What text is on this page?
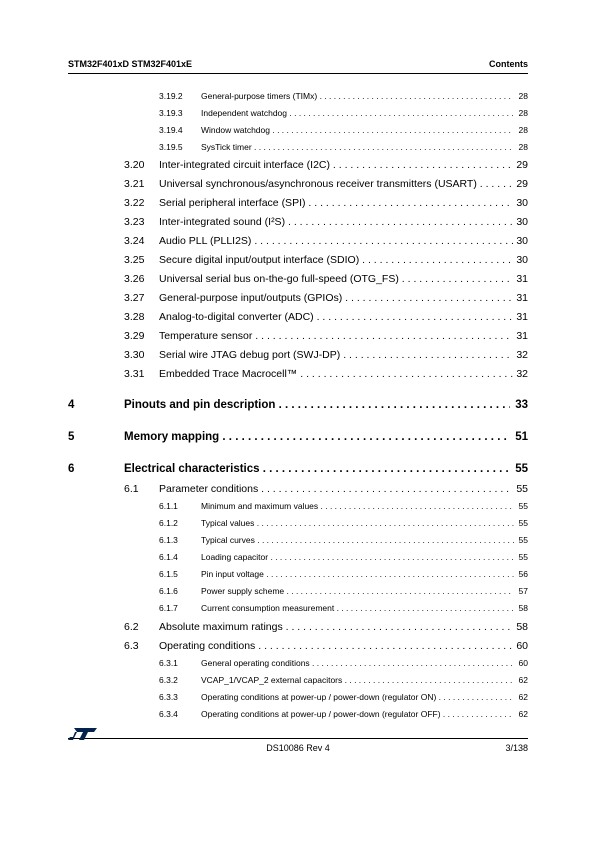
STM32F401xD STM32F401xE	Contents
3.19.2 General-purpose timers (TIMx) . . .	28
3.19.3 Independent watchdog . . .	28
3.19.4 Window watchdog . . .	28
3.19.5 SysTick timer . . .	28
3.20 Inter-integrated circuit interface (I2C) . . .	29
3.21 Universal synchronous/asynchronous receiver transmitters (USART) . . .	29
3.22 Serial peripheral interface (SPI) . . .	30
3.23 Inter-integrated sound (I²S) . . .	30
3.24 Audio PLL (PLLI2S) . . .	30
3.25 Secure digital input/output interface (SDIO) . . .	30
3.26 Universal serial bus on-the-go full-speed (OTG_FS) . . .	31
3.27 General-purpose input/outputs (GPIOs) . . .	31
3.28 Analog-to-digital converter (ADC) . . .	31
3.29 Temperature sensor . . .	31
3.30 Serial wire JTAG debug port (SWJ-DP) . . .	32
3.31 Embedded Trace Macrocell™ . . .	32
4	Pinouts and pin description . . .	33
5	Memory mapping . . .	51
6	Electrical characteristics . . .	55
6.1 Parameter conditions . . .	55
6.1.1	Minimum and maximum values . . .	55
6.1.2	Typical values . . .	55
6.1.3	Typical curves . . .	55
6.1.4	Loading capacitor . . .	55
6.1.5	Pin input voltage . . .	56
6.1.6	Power supply scheme . . .	57
6.1.7	Current consumption measurement . . .	58
6.2 Absolute maximum ratings . . .	58
6.3 Operating conditions . . .	60
6.3.1	General operating conditions . . .	60
6.3.2	VCAP_1/VCAP_2 external capacitors . . .	62
6.3.3	Operating conditions at power-up / power-down (regulator ON) . . .	62
6.3.4	Operating conditions at power-up / power-down (regulator OFF) . . .	62
DS10086 Rev 4	3/138
